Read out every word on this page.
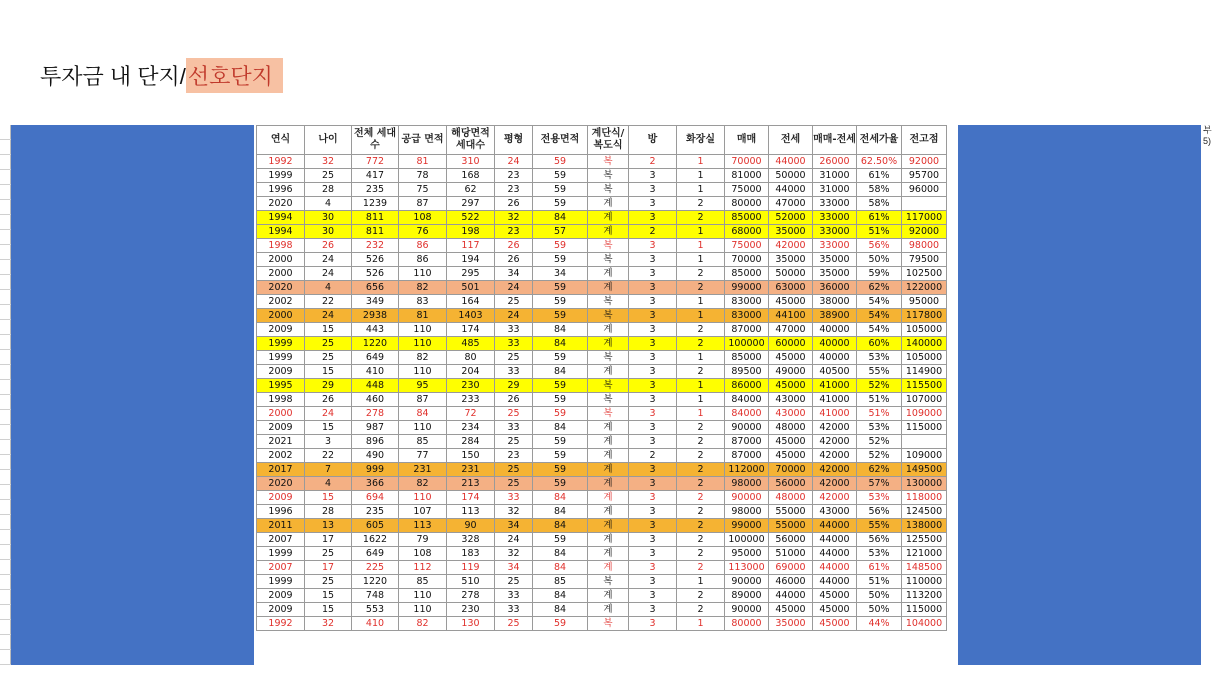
투자금 내 단지/ 선호단지
부
5)
연식	나이	전체 세대수	공급 면적	해당면적 세대수	평형	전용면적	계단식/ 복도식	방	화장실	매매	전세	매매-전세	전세가율	전고점
1992	32	772	81	310	24	59	복	2	1	70000	44000	26000	62.50%	92000
1999	25	417	78	168	23	59	복	3	1	81000	50000	31000	61%	95700
1996	28	235	75	62	23	59	복	3	1	75000	44000	31000	58%	96000
2020	4	1239	87	297	26	59	계	3	2	80000	47000	33000	58%	
1994	30	811	108	522	32	84	계	3	2	85000	52000	33000	61%	117000
1994	30	811	76	198	23	57	계	2	1	68000	35000	33000	51%	92000
1998	26	232	86	117	26	59	복	3	1	75000	42000	33000	56%	98000
2000	24	526	86	194	26	59	복	3	1	70000	35000	35000	50%	79500
2000	24	526	110	295	34	34	계	3	2	85000	50000	35000	59%	102500
2020	4	656	82	501	24	59	계	3	2	99000	63000	36000	62%	122000
2002	22	349	83	164	25	59	복	3	1	83000	45000	38000	54%	95000
2000	24	2938	81	1403	24	59	복	3	1	83000	44100	38900	54%	117800
2009	15	443	110	174	33	84	계	3	2	87000	47000	40000	54%	105000
1999	25	1220	110	485	33	84	계	3	2	100000	60000	40000	60%	140000
1999	25	649	82	80	25	59	복	3	1	85000	45000	40000	53%	105000
2009	15	410	110	204	33	84	계	3	2	89500	49000	40500	55%	114900
1995	29	448	95	230	29	59	복	3	1	86000	45000	41000	52%	115500
1998	26	460	87	233	26	59	복	3	1	84000	43000	41000	51%	107000
2000	24	278	84	72	25	59	복	3	1	84000	43000	41000	51%	109000
2009	15	987	110	234	33	84	계	3	2	90000	48000	42000	53%	115000
2021	3	896	85	284	25	59	계	3	2	87000	45000	42000	52%	
2002	22	490	77	150	23	59	계	2	2	87000	45000	42000	52%	109000
2017	7	999	231	231	25	59	계	3	2	112000	70000	42000	62%	149500
2020	4	366	82	213	25	59	계	3	2	98000	56000	42000	57%	130000
2009	15	694	110	174	33	84	계	3	2	90000	48000	42000	53%	118000
1996	28	235	107	113	32	84	계	3	2	98000	55000	43000	56%	124500
2011	13	605	113	90	34	84	계	3	2	99000	55000	44000	55%	138000
2007	17	1622	79	328	24	59	계	3	2	100000	56000	44000	56%	125500
1999	25	649	108	183	32	84	계	3	2	95000	51000	44000	53%	121000
2007	17	225	112	119	34	84	계	3	2	113000	69000	44000	61%	148500
1999	25	1220	85	510	25	85	복	3	1	90000	46000	44000	51%	110000
2009	15	748	110	278	33	84	계	3	2	89000	44000	45000	50%	113200
2009	15	553	110	230	33	84	계	3	2	90000	45000	45000	50%	115000
1992	32	410	82	130	25	59	복	3	1	80000	35000	45000	44%	104000
